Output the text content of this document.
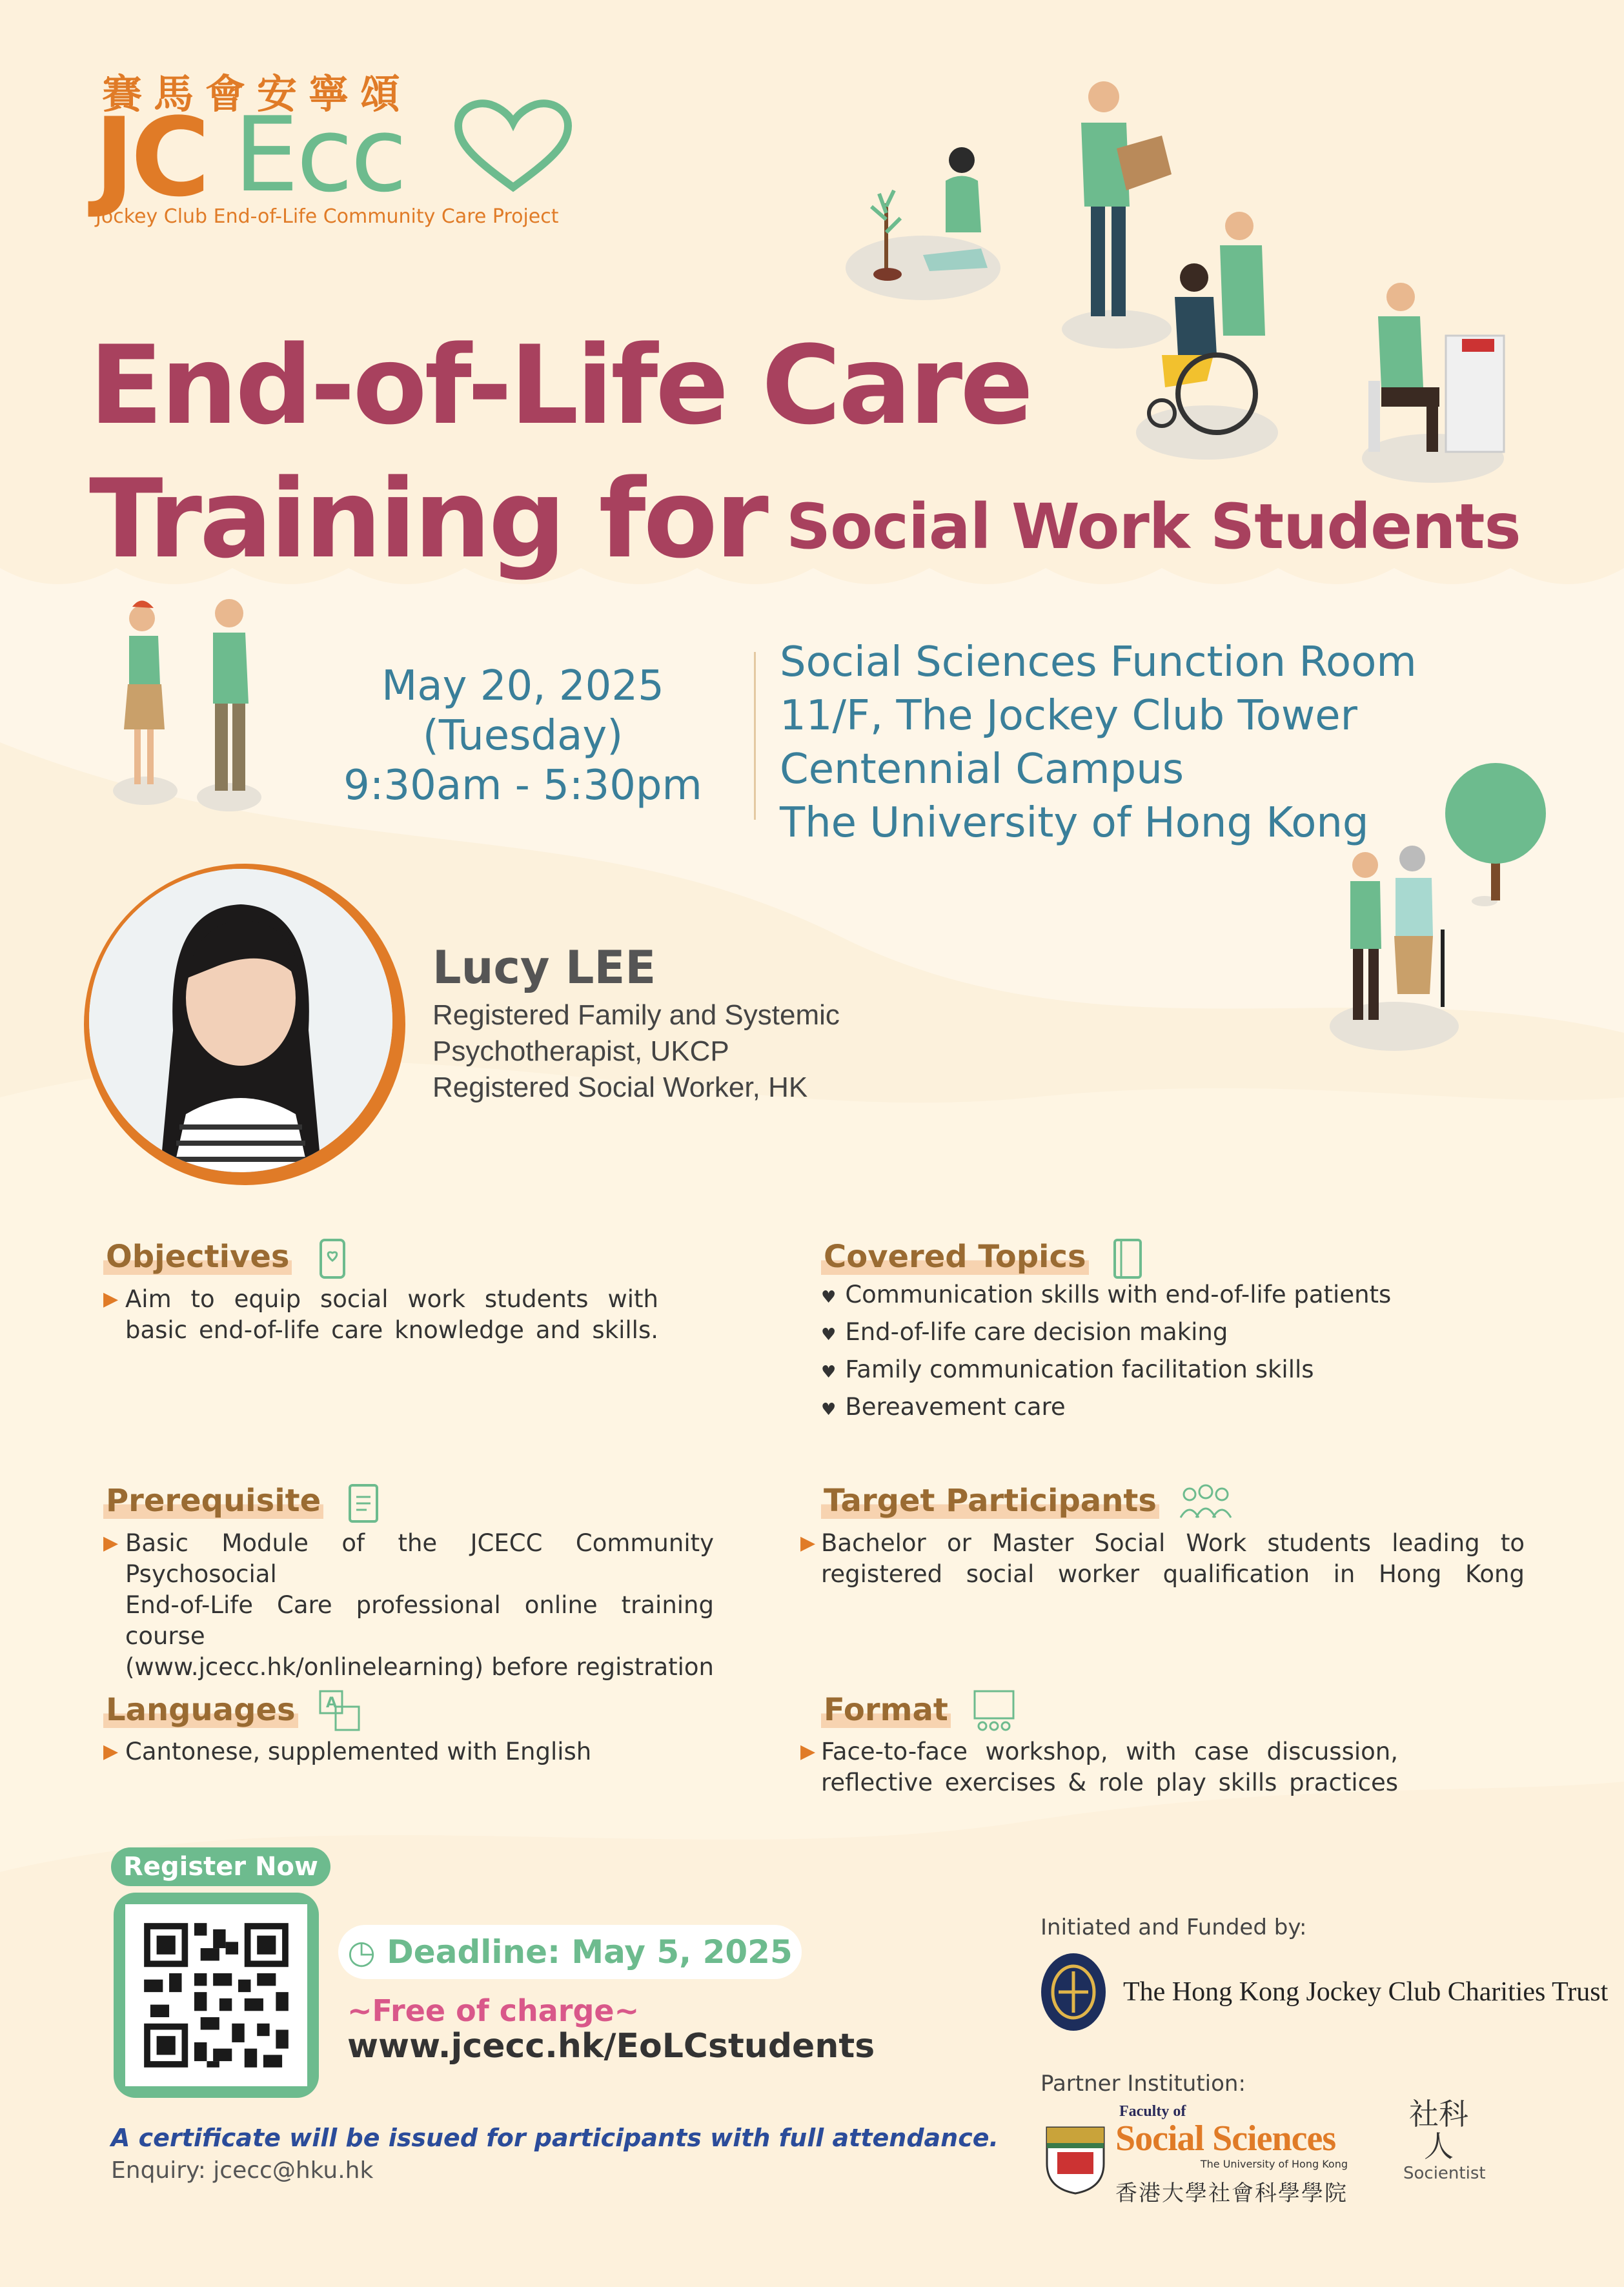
賽馬會安寧頌
JC Ecc
Jockey Club End-of-Life Community Care Project
End-of-Life Care
Training for Social Work Students
May 20, 2025
(Tuesday)
9:30am - 5:30pm
Social Sciences Function Room
11/F, The Jockey Club Tower
Centennial Campus
The University of Hong Kong
Lucy LEE
Registered Family and Systemic
Psychotherapist, UKCP
Registered Social Worker, HK
Objectives
▶ Aim to equip social work students with
basic end-of-life care knowledge and skills.
Covered Topics
♥ Communication skills with end-of-life patients
♥ End-of-life care decision making
♥ Family communication facilitation skills
♥ Bereavement care
Prerequisite
▶ Basic Module of the JCECC Community Psychosocial
End-of-Life Care professional online training course
(www.jcecc.hk/onlinelearning) before registration
Target Participants
▶ Bachelor or Master Social Work students leading to
registered social worker qualification in Hong Kong
Languages A
▶ Cantonese, supplemented with English
Format
▶ Face-to-face workshop, with case discussion,
reflective exercises & role play skills practices
Register Now
◷ Deadline: May 5, 2025
~Free of charge~
www.jcecc.hk/EoLCstudents
A certificate will be issued for participants with full attendance.
Enquiry: jcecc@hku.hk
Initiated and Funded by:
The Hong Kong Jockey Club Charities Trust
Partner Institution:
Faculty of
Social Sciences
The University of Hong Kong
香港大學社會科學學院
社科人
Socientist
